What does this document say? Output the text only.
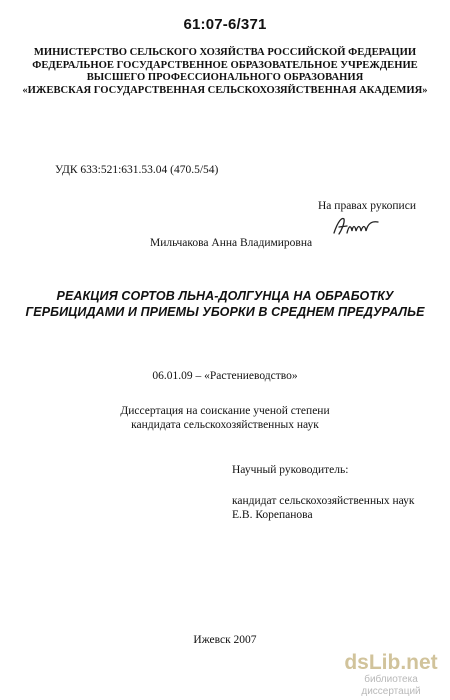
61:07-6/371
МИНИСТЕРСТВО СЕЛЬСКОГО ХОЗЯЙСТВА РОССИЙСКОЙ ФЕДЕРАЦИИ
ФЕДЕРАЛЬНОЕ ГОСУДАРСТВЕННОЕ ОБРАЗОВАТЕЛЬНОЕ УЧРЕЖДЕНИЕ
ВЫСШЕГО ПРОФЕССИОНАЛЬНОГО ОБРАЗОВАНИЯ
«ИЖЕВСКАЯ ГОСУДАРСТВЕННАЯ СЕЛЬСКОХОЗЯЙСТВЕННАЯ АКАДЕМИЯ»
УДК 633:521:631.53.04 (470.5/54)
На правах рукописи
Мильчакова Анна Владимировна
РЕАКЦИЯ СОРТОВ ЛЬНА-ДОЛГУНЦА НА ОБРАБОТКУ
ГЕРБИЦИДАМИ И ПРИЕМЫ УБОРКИ В СРЕДНЕМ ПРЕДУРАЛЬЕ
06.01.09 – «Растениеводство»
Диссертация на соискание ученой степени
кандидата сельскохозяйственных наук
Научный руководитель:
кандидат сельскохозяйственных наук
Е.В. Корепанова
Ижевск 2007
dsLib.net
библиотека диссертаций
